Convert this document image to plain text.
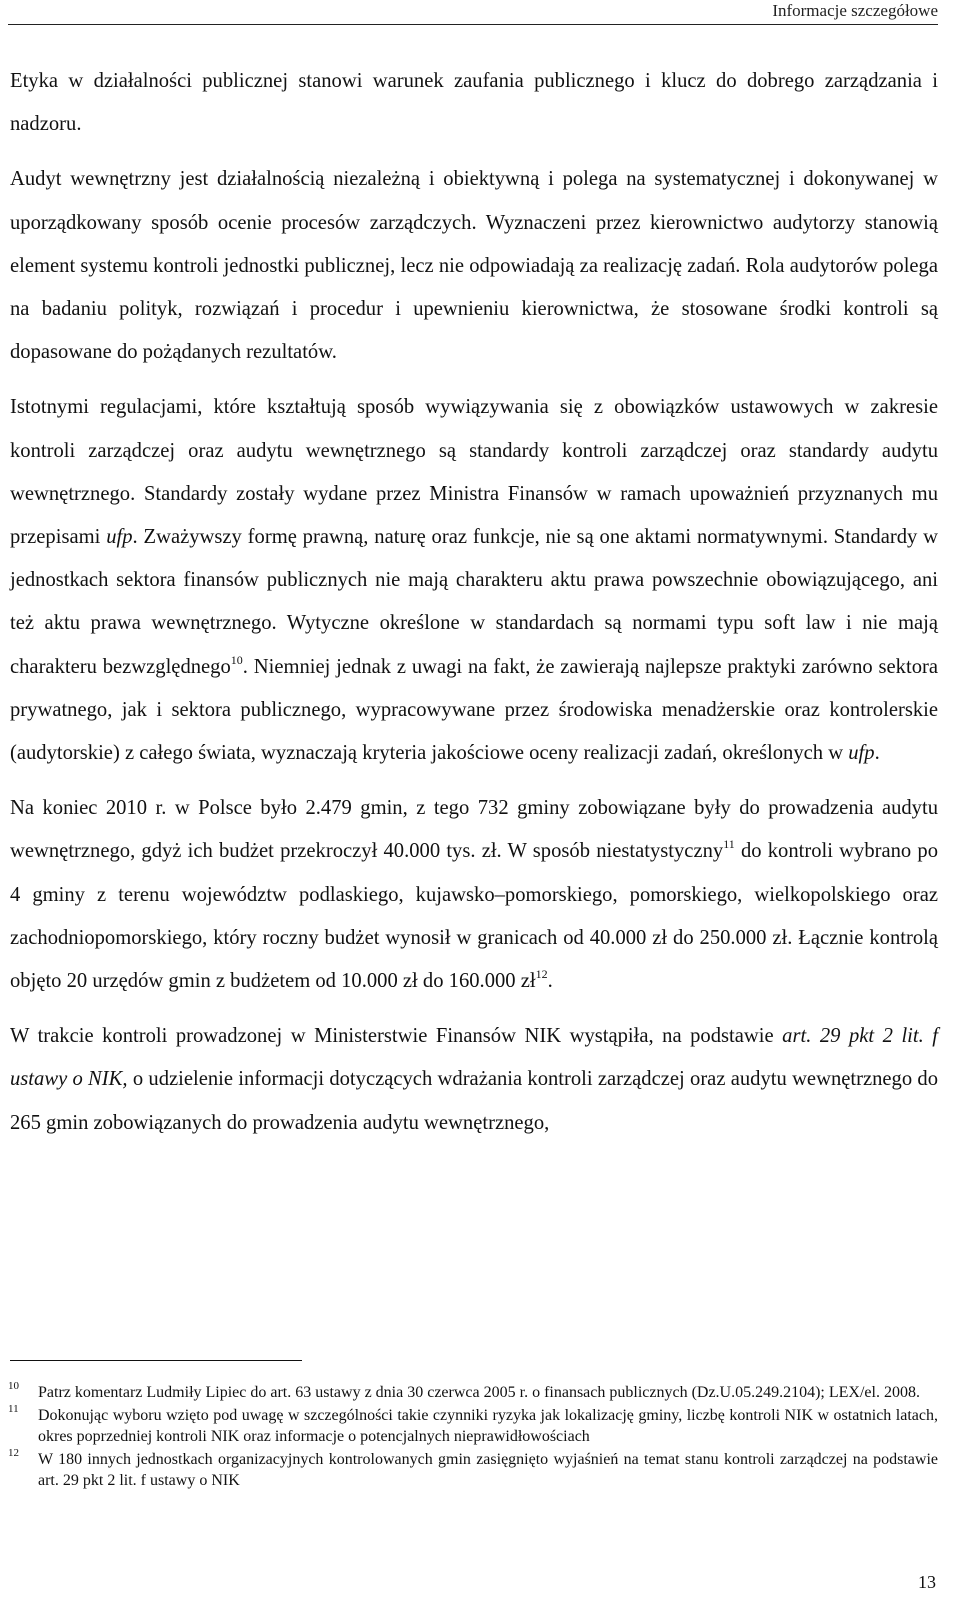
Informacje szczegółowe

Etyka w działalności publicznej stanowi warunek zaufania publicznego i klucz do dobrego zarządzania i nadzoru.

Audyt wewnętrzny jest działalnością niezależną i obiektywną i polega na systematycznej i dokonywanej w uporządkowany sposób ocenie procesów zarządczych. Wyznaczeni przez kierownictwo audytorzy stanowią element systemu kontroli jednostki publicznej, lecz nie odpowiadają za realizację zadań. Rola audytorów polega na badaniu polityk, rozwiązań i procedur i upewnieniu kierownictwa, że stosowane środki kontroli są dopasowane do pożądanych rezultatów.

Istotnymi regulacjami, które kształtują sposób wywiązywania się z obowiązków ustawowych w zakresie kontroli zarządczej oraz audytu wewnętrznego są standardy kontroli zarządczej oraz standardy audytu wewnętrznego. Standardy zostały wydane przez Ministra Finansów w ramach upoważnień przyznanych mu przepisami ufp. Zważywszy formę prawną, naturę oraz funkcje, nie są one aktami normatywnymi. Standardy w jednostkach sektora finansów publicznych nie mają charakteru aktu prawa powszechnie obowiązującego, ani też aktu prawa wewnętrznego. Wytyczne określone w standardach są normami typu soft law i nie mają charakteru bezwzględnego$^{10}$. Niemniej jednak z uwagi na fakt, że zawierają najlepsze praktyki zarówno sektora prywatnego, jak i sektora publicznego, wypracowywane przez środowiska menadżerskie oraz kontrolerskie (audytorskie) z całego świata, wyznaczają kryteria jakościowe oceny realizacji zadań, określonych w ufp.

Na koniec 2010 r. w Polsce było 2.479 gmin, z tego 732 gminy zobowiązane były do prowadzenia audytu wewnętrznego, gdyż ich budżet przekroczył 40.000 tys. zł. W sposób niestatystyczny$^{11}$ do kontroli wybrano po 4 gminy z terenu województw podlaskiego, kujawsko–pomorskiego, pomorskiego, wielkopolskiego oraz zachodniopomorskiego, który roczny budżet wynosił w granicach od 40.000 zł do 250.000 zł. Łącznie kontrolą objęto 20 urzędów gmin z budżetem od 10.000 zł do 160.000 $zł^{12}$.

W trakcie kontroli prowadzonej w Ministerstwie Finansów NIK wystąpiła, na podstawie art. 29 pkt 2 lit. f ustawy o NIK, o udzielenie informacji dotyczących wdrażania kontroli zarządczej oraz audytu wewnętrznego do 265 gmin zobowiązanych do prowadzenia audytu wewnętrznego,

10 Patrz komentarz Ludmiły Lipiec do art. 63 ustawy z dnia 30 czerwca 2005 r. o finansach publicznych (Dz.U.05.249.2104); LEX/el. 2008.
11 Dokonując wyboru wzięto pod uwagę w szczególności takie czynniki ryzyka jak lokalizację gminy, liczbę kontroli NIK w ostatnich latach, okres poprzedniej kontroli NIK oraz informacje o potencjalnych nieprawidłowościach
12 W 180 innych jednostkach organizacyjnych kontrolowanych gmin zasięgnięto wyjaśnień na temat stanu kontroli zarządczej na podstawie art. 29 pkt 2 lit. f ustawy o NIK
13
